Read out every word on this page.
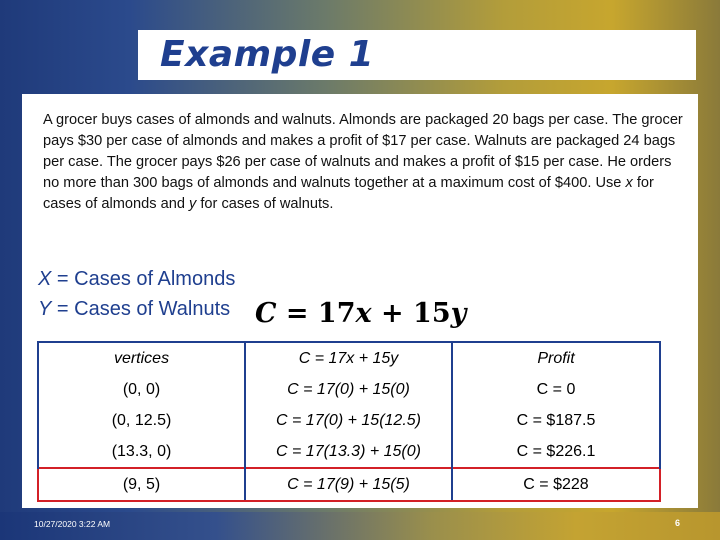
Example 1
A grocer buys cases of almonds and walnuts. Almonds are packaged 20 bags per case. The grocer pays $30 per case of almonds and makes a profit of $17 per case. Walnuts are packaged 24 bags per case. The grocer pays $26 per case of walnuts and makes a profit of $15 per case. He orders no more than 300 bags of almonds and walnuts together at a maximum cost of $400. Use x for cases of almonds and y for cases of walnuts.
X = Cases of Almonds
Y = Cases of Walnuts C = 17x + 15y
vertices	C = 17x + 15y	Profit
(0, 0)	C = 17(0) + 15(0)	C = 0
(0, 12.5)	C = 17(0) + 15(12.5)	C = $187.5
(13.3, 0)	C = 17(13.3) + 15(0)	C = $226.1
(9, 5)	C = 17(9) + 15(5)	C = $228
10/27/2020 3:22 AM	6
